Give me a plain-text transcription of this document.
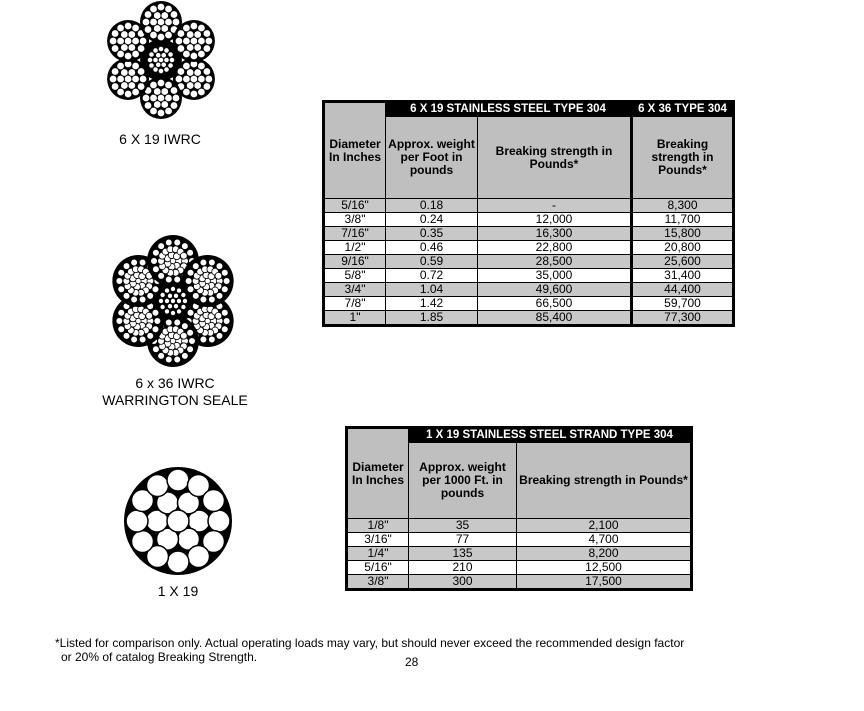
6 X 19 IWRC
6 x 36 IWRC
WARRINGTON SEALE
1 X 19
Diameter In Inches	6 X 19 STAINLESS STEEL TYPE 304		6 X 36 TYPE 304
	Approx. weight per Foot in pounds	Breaking strength in Pounds*	Breaking strength in Pounds*
5/16"	0.18	-	8,300
3/8"	0.24	12,000	11,700
7/16"	0.35	16,300	15,800
1/2"	0.46	22,800	20,800
9/16"	0.59	28,500	25,600
5/8"	0.72	35,000	31,400
3/4"	1.04	49,600	44,400
7/8"	1.42	66,500	59,700
1"	1.85	85,400	77,300
Diameter In Inches	1 X 19 STAINLESS STEEL STRAND TYPE 304	
	Approx. weight per 1000 Ft. in pounds	Breaking strength in Pounds*
1/8"	35	2,100
3/16"	77	4,700
1/4"	135	8,200
5/16"	210	12,500
3/8"	300	17,500
*Listed for comparison only. Actual operating loads may vary, but should never exceed the recommended design factor
or 20% of catalog Breaking Strength.	28
